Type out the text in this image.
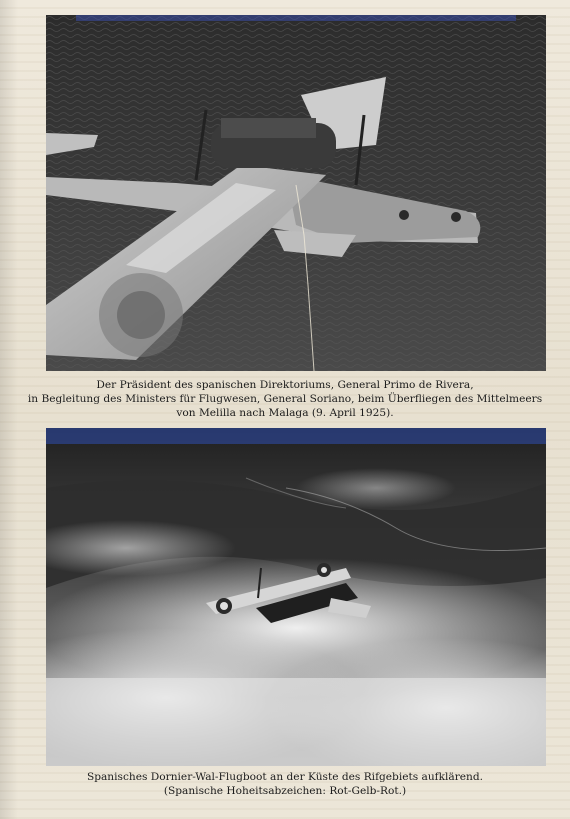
Der Präsident des spanischen Direktoriums, General Primo de Rivera,
in Begleitung des Ministers für Flugwesen, General Soriano, beim Überfliegen des Mittelmeers
von Melilla nach Malaga (9. April 1925).
Spanisches Dornier-Wal-Flugboot an der Küste des Rifgebiets aufklärend.
(Spanische Hoheitsabzeichen: Rot-Gelb-Rot.)
